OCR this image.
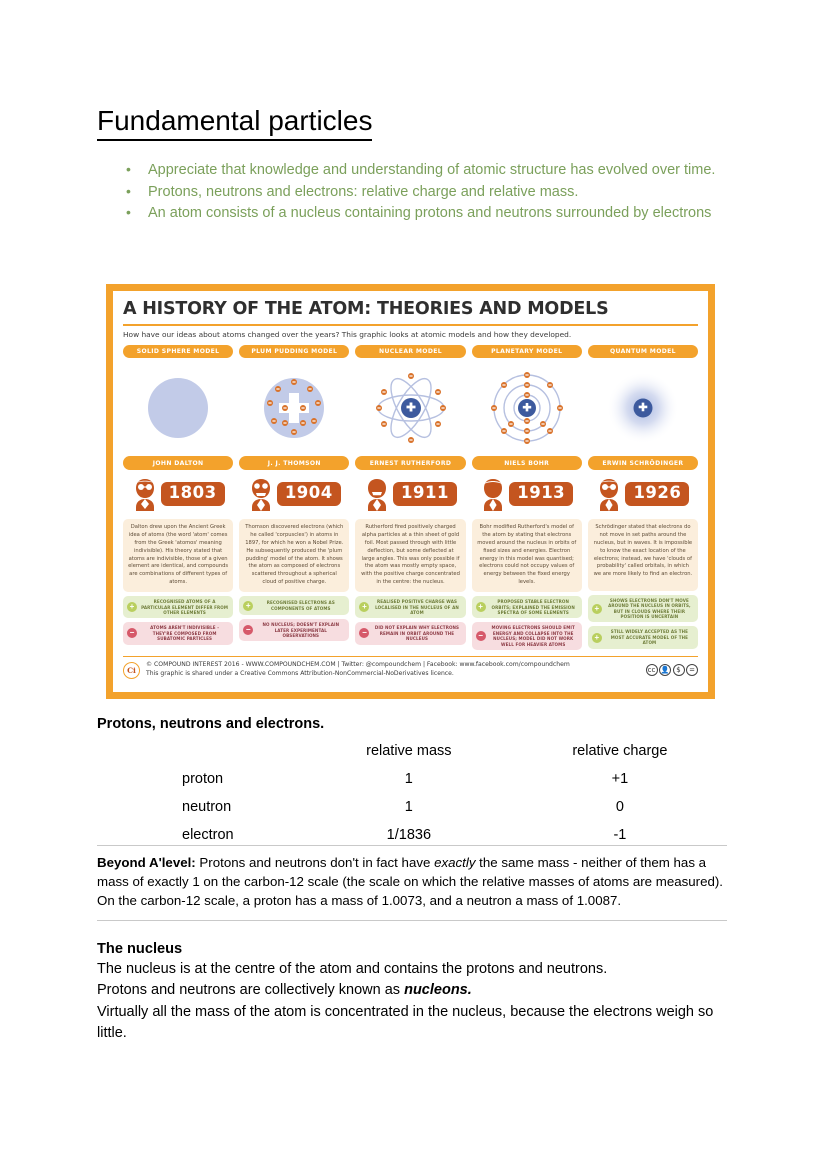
Fundamental particles
•	Appreciate that knowledge and understanding of atomic structure has evolved over time.
•	Protons, neutrons and electrons: relative charge and relative mass.
•	An atom consists of a nucleus containing protons and neutrons surrounded by electrons
A HISTORY OF THE ATOM: THEORIES AND MODELS
How have our ideas about atoms changed over the years? This graphic looks at atomic models and how they developed.
SOLID SPHERE MODEL
JOHN DALTON
1803
Dalton drew upon the Ancient Greek idea of atoms (the word 'atom' comes from the Greek 'atomos' meaning indivisible). His theory stated that atoms are indivisible, those of a given element are identical, and compounds are combinations of different types of atoms.
+
RECOGNISED ATOMS OF A PARTICULAR ELEMENT DIFFER FROM OTHER ELEMENTS
−
ATOMS AREN'T INDIVISIBLE - THEY'RE COMPOSED FROM SUBATOMIC PARTICLES
PLUM PUDDING MODEL
J. J. THOMSON
1904
Thomson discovered electrons (which he called 'corpuscles') in atoms in 1897, for which he won a Nobel Prize. He subsequently produced the 'plum pudding' model of the atom. It shows the atom as composed of electrons scattered throughout a spherical cloud of positive charge.
+	RECOGNISED ELECTRONS AS COMPONENTS OF ATOMS
−
NO NUCLEUS; DOESN'T EXPLAIN LATER EXPERIMENTAL OBSERVATIONS
NUCLEAR MODEL
ERNEST RUTHERFORD
1911
Rutherford fired positively charged alpha particles at a thin sheet of gold foil. Most passed through with little deflection, but some deflected at large angles. This was only possible if the atom was mostly empty space, with the positive charge concentrated in the centre: the nucleus.
+
REALISED POSITIVE CHARGE WAS LOCALISED IN THE NUCLEUS OF AN ATOM
−
DID NOT EXPLAIN WHY ELECTRONS REMAIN IN ORBIT AROUND THE NUCLEUS
PLANETARY MODEL
NIELS BOHR
1913
Bohr modified Rutherford's model of the atom by stating that electrons moved around the nucleus in orbits of fixed sizes and energies. Electron energy in this model was quantised; electrons could not occupy values of energy between the fixed energy levels.
+
PROPOSED STABLE ELECTRON ORBITS; EXPLAINED THE EMISSION SPECTRA OF SOME ELEMENTS
−
MOVING ELECTRONS SHOULD EMIT ENERGY AND COLLAPSE INTO THE NUCLEUS; MODEL DID NOT WORK WELL FOR HEAVIER ATOMS
QUANTUM MODEL
ERWIN SCHRÖDINGER
1926
Schrödinger stated that electrons do not move in set paths around the nucleus, but in waves. It is impossible to know the exact location of the electrons; instead, we have 'clouds of probability' called orbitals, in which we are more likely to find an electron.
+
SHOWS ELECTRONS DON'T MOVE AROUND THE NUCLEUS IN ORBITS, BUT IN CLOUDS WHERE THEIR POSITION IS UNCERTAIN
+
STILL WIDELY ACCEPTED AS THE MOST ACCURATE MODEL OF THE ATOM
Ci
© COMPOUND INTEREST 2016 - WWW.COMPOUNDCHEM.COM | Twitter: @compoundchem | Facebook: www.facebook.com/compoundchem
This graphic is shared under a Creative Commons Attribution-NonCommercial-NoDerivatives licence.	cc 👤 $	=
Protons, neutrons and electrons.
	relative mass	relative charge
proton	1	+1
neutron	1	0
electron	1/1836	-1
Beyond A'level: Protons and neutrons don't in fact have exactly the same mass - neither of them has a mass of exactly 1 on the carbon-12 scale (the scale on which the relative masses of atoms are measured). On the carbon-12 scale, a proton has a mass of 1.0073, and a neutron a mass of 1.0087.
The nucleus

The nucleus is at the centre of the atom and contains the protons and neutrons.

Protons and neutrons are collectively known as nucleons.

Virtually all the mass of the atom is concentrated in the nucleus, because the electrons weigh so little.
